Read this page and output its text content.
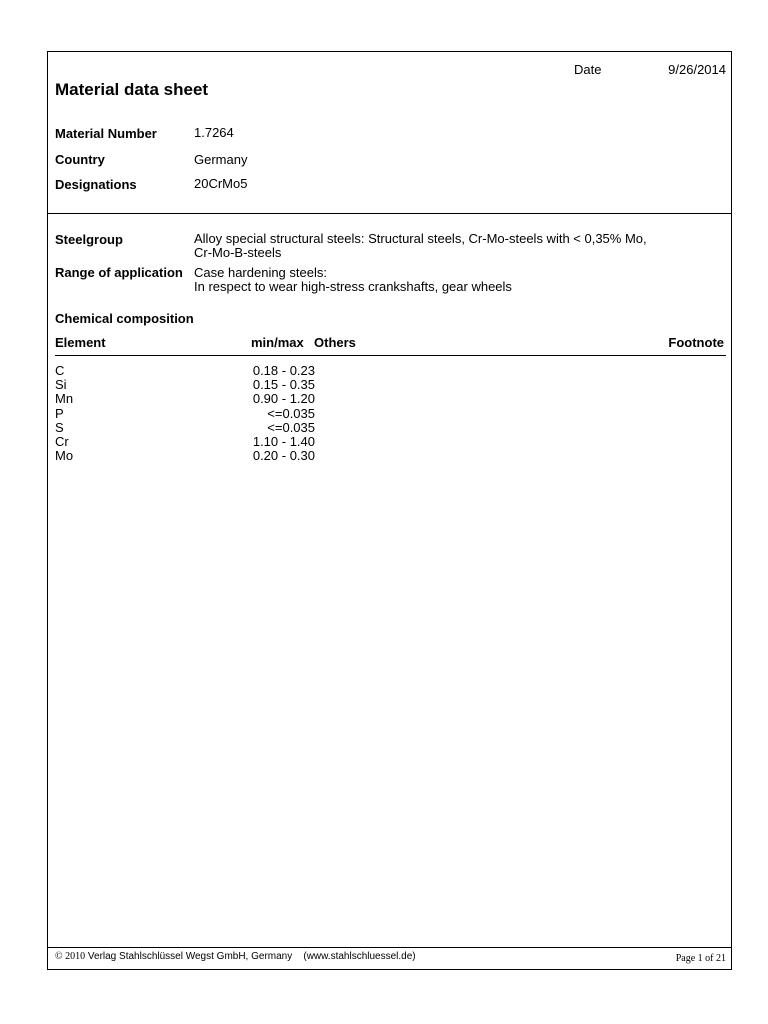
Date	9/26/2014
Material data sheet
Material Number	1.7264
Country	Germany
Designations	20CrMo5
Steelgroup	Alloy special structural steels: Structural steels, Cr-Mo-steels with < 0,35% Mo,
Cr-Mo-B-steels
Range of application Case hardening steels:
In respect to wear high-stress crankshafts, gear wheels
Chemical composition
Element	min/max Others	Footnote
C	0.18 - 0.23
Si	0.15 - 0.35
Mn	0.90 - 1.20
P	<=0.035
S	<=0.035
Cr	1.10 - 1.40
Mo	0.20 - 0.30
© 2010 Verlag Stahlschlüssel Wegst GmbH, Germany (www.stahlschluessel.de)	Page 1 of 21
